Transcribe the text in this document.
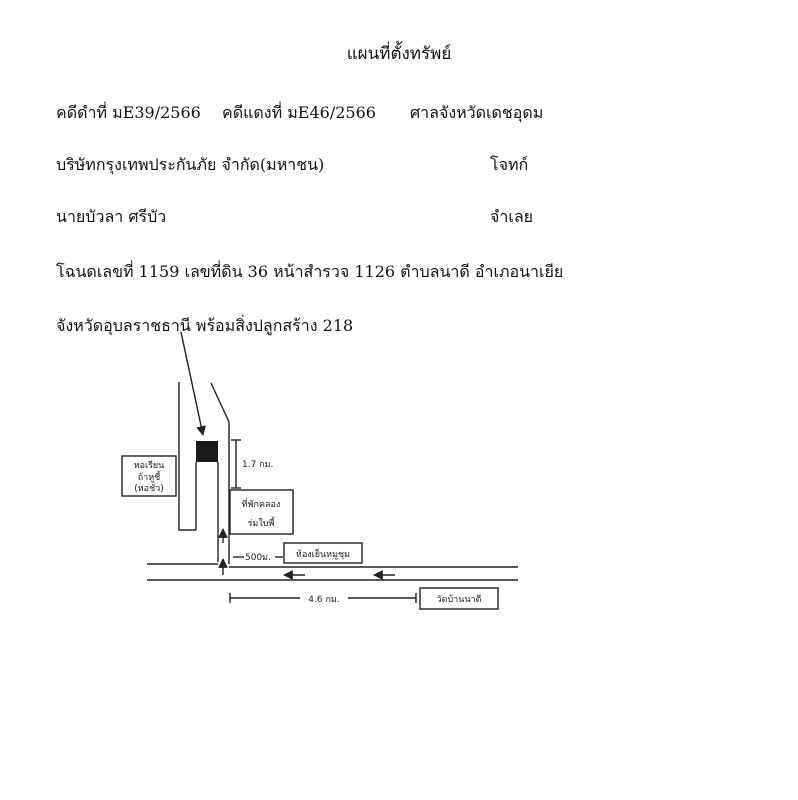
แผนที่ตั้งทรัพย์
คดีดำที่ มE39/2566 คดีแดงที่ มE46/2566 ศาลจังหวัดเดชอุดม
บริษัทกรุงเทพประกันภัย จำกัด(มหาชน)	โจทก์
นายบัวลา ศรีบัว	จำเลย
โฉนดเลขที่ 1159 เลขที่ดิน 36 หน้าสำรวจ 1126 ตำบลนาดี อำเภอนาเยีย
จังหวัดอุบลราชธานี พร้อมสิ่งปลูกสร้าง 218
หอเรียน
ถ้าหูชี้
(หอชั่ว)
1.7 กม.
ที่พักคลอง
ร่มใบพี้
500ม.	ห้องเย็นหมูชุม
4.6 กม.	วัดบ้านนาดี
